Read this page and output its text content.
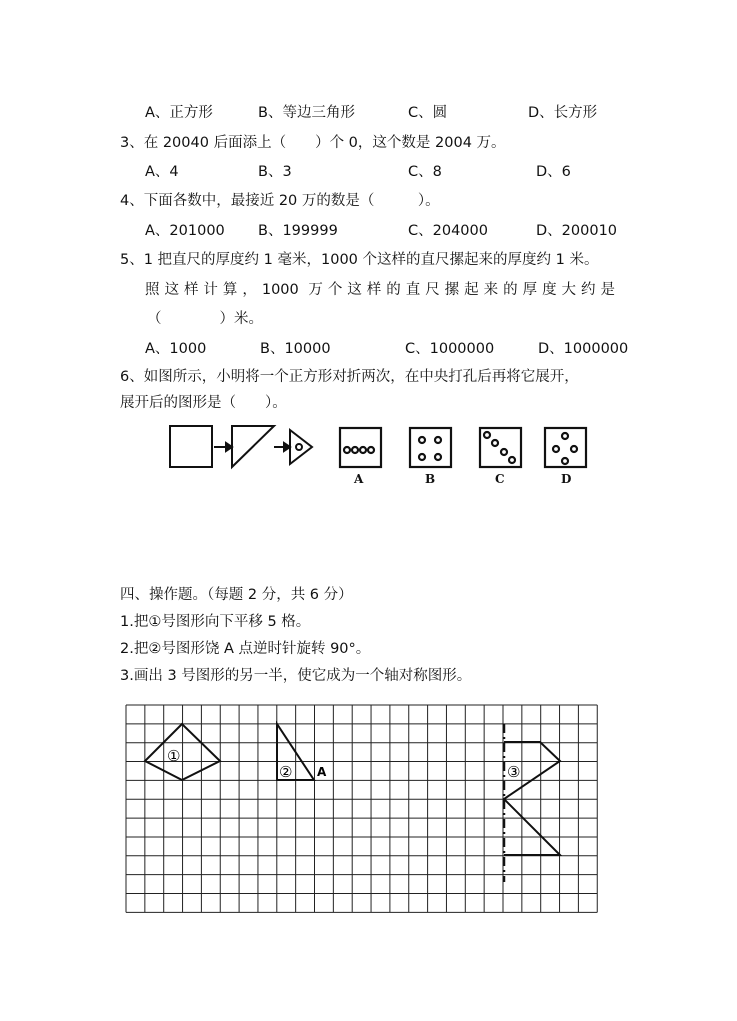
A、正方形	B、等边三角形	C、圆	D、长方形
3、在 20040 后面添上（　　）个 0，这个数是 2004 万。
A、4	B、3	C、8	D、6
4、下面各数中，最接近 20 万的数是（　　　）。
A、201000 B、199999	C、204000	D、200010
5、1 把直尺的厚度约 1 毫米，1000 个这样的直尺摞起来的厚度约 1 米。
照这样计算，1000 万个这样的直尺摞起来的厚度大约是
（　　　　）米。
A、1000	B、10000	C、1000000	D、1000000
6、如图所示，小明将一个正方形对折两次，在中央打孔后再将它展开，
展开后的图形是（　　）。
A	B	C	D
四、操作题。（每题 2 分，共 6 分）
1.把①号图形向下平移 5 格。
2.把②号图形饶 A 点逆时针旋转 90°。
3.画出 3 号图形的另一半，使它成为一个轴对称图形。
①
② A	③
